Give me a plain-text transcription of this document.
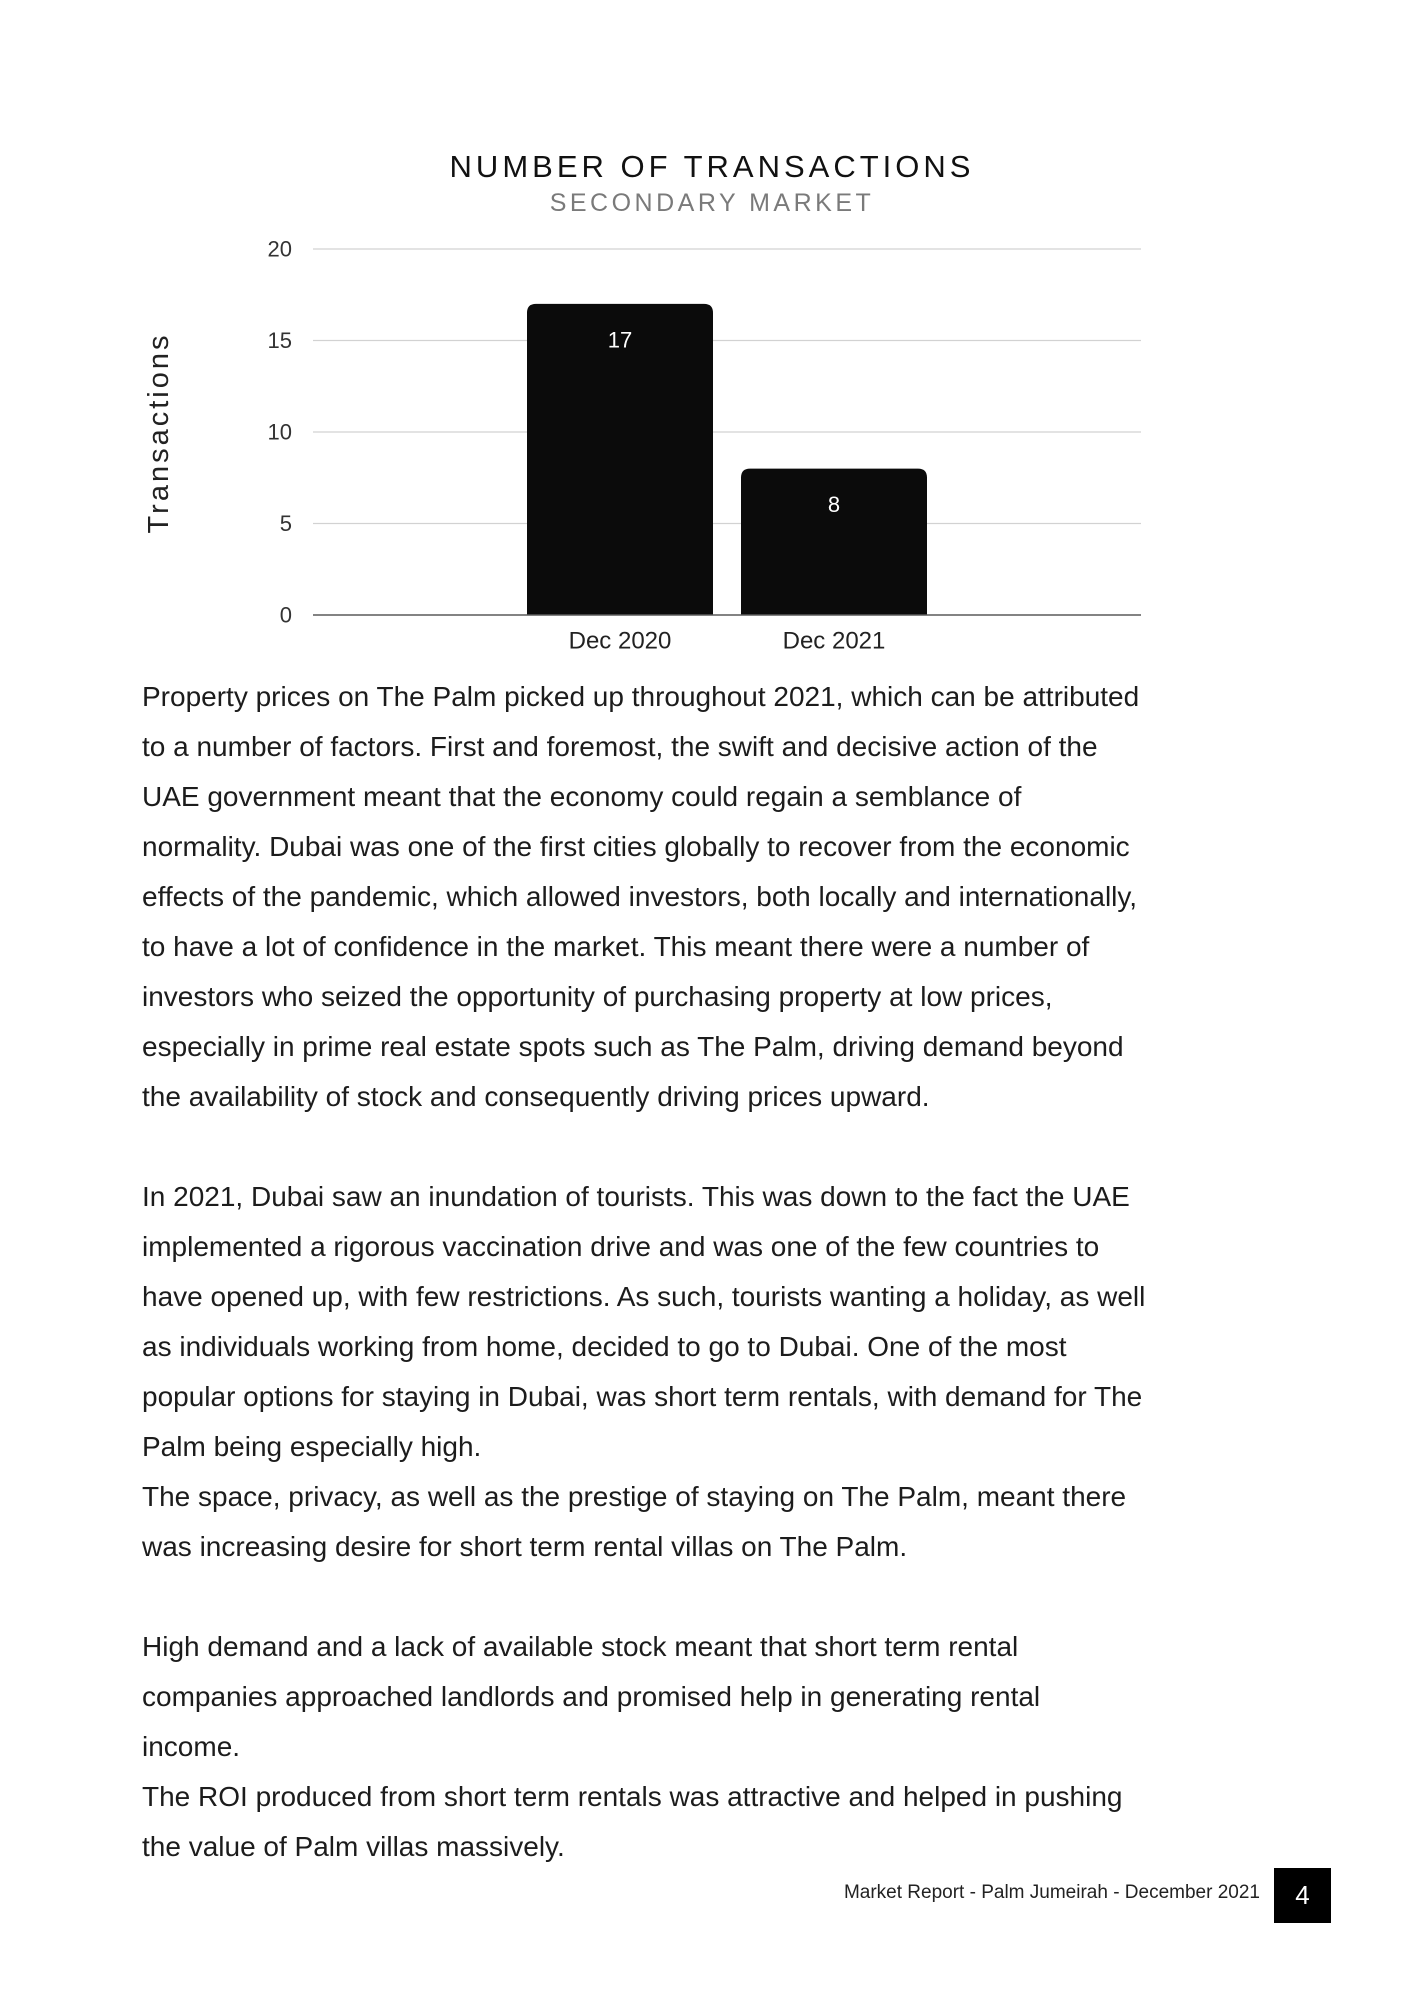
NUMBER OF TRANSACTIONS
SECONDARY MARKET
0
5
10
15
20
17
Dec 2020
8
Dec 2021
Transactions
Property prices on The Palm picked up throughout 2021, which can be attributed
to a number of factors. First and foremost, the swift and decisive action of the
UAE government meant that the economy could regain a semblance of
normality. Dubai was one of the first cities globally to recover from the economic
effects of the pandemic, which allowed investors, both locally and internationally,
to have a lot of confidence in the market. This meant there were a number of
investors who seized the opportunity of purchasing property at low prices,
especially in prime real estate spots such as The Palm, driving demand beyond
the availability of stock and consequently driving prices upward.
In 2021, Dubai saw an inundation of tourists. This was down to the fact the UAE
implemented a rigorous vaccination drive and was one of the few countries to
have opened up, with few restrictions. As such, tourists wanting a holiday, as well
as individuals working from home, decided to go to Dubai. One of the most
popular options for staying in Dubai, was short term rentals, with demand for The
Palm being especially high.
The space, privacy, as well as the prestige of staying on The Palm, meant there
was increasing desire for short term rental villas on The Palm.
High demand and a lack of available stock meant that short term rental
companies approached landlords and promised help in generating rental
income.
The ROI produced from short term rentals was attractive and helped in pushing
the value of Palm villas massively.
Market Report - Palm Jumeirah - December 2021	4
